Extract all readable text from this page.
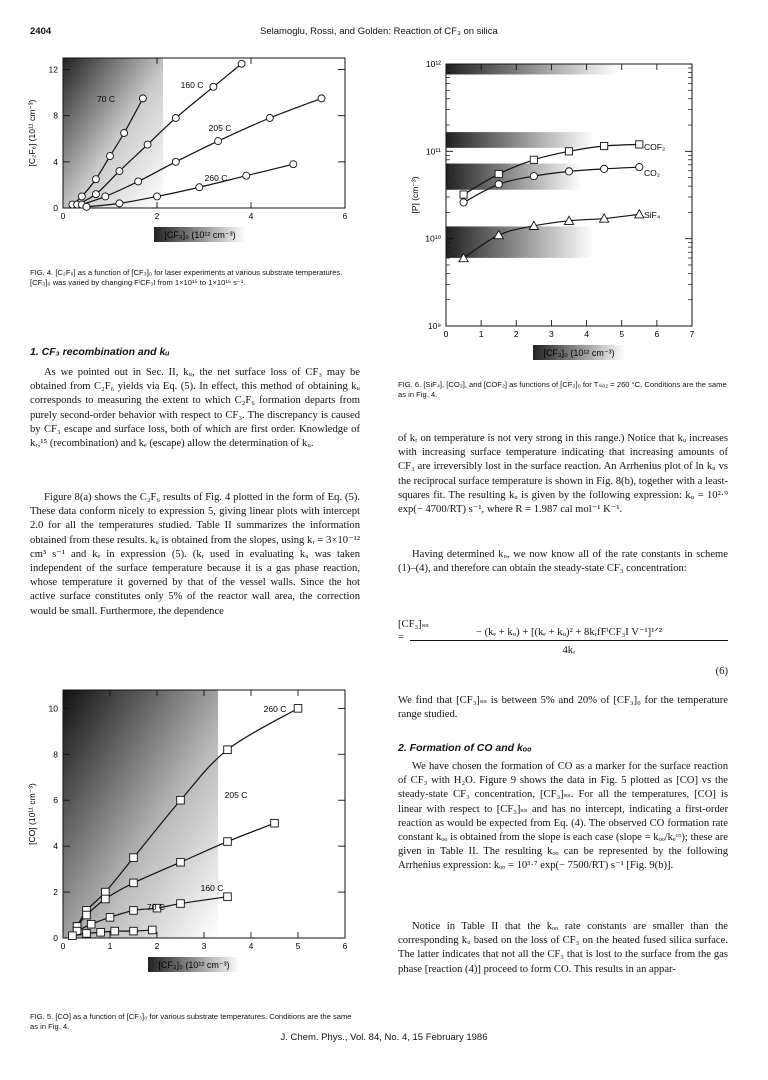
2404	Selamoglu, Rossi, and Golden: Reaction of CF₃ on silica
0	2	4	6
0
4
8
12
70 C
160 C
205 C
260 C
[CF₃]₀ (10¹² cm⁻³)
[C₂F₆] (10¹¹ cm⁻³)
FIG. 4. [C₂F₆] as a function of [CF₃]₀ for laser experiments at various substrate temperatures. [CF₃]₀ was varied by changing FⁱCF₃I from 1×10¹⁵ to 1×10¹⁶ s⁻¹.
1. CF₃ recombination and kᵤ

As we pointed out in Sec. II, kᵤ, the net surface loss of CF₃ may be obtained from C₂F₆ yields via Eq. (5). In effect, this method of obtaining kᵤ corresponds to measuring the extent to which C₂F₆ formation departs from purely second-order behavior with respect to CF₃. The discrepancy is caused by CF₃ escape and surface loss, both of which are first order. Knowledge of kᵣ,¹⁵ (recombination) and kₑ (escape) allow the determination of kᵤ.

Figure 8(a) shows the C₂F₆ results of Fig. 4 plotted in the form of Eq. (5). These data conform nicely to expression 5, giving linear plots with intercept 2.0 for all the temperatures studied. Table II summarizes the information obtained from these results. kᵤ is obtained from the slopes, using kᵣ = 3×10⁻¹² cm³ s⁻¹ and kₑ in expression (5). (kᵣ used in evaluating kᵤ was taken independent of the surface temperature because it is a gas phase reaction, whose temperature it governed by that of the vessel walls. Since the hot active surface constitutes only 5% of the reactor wall area, the correction would be small. Furthermore, the dependence

0	1	2	3	4	5	6
0
2
4
6
8
10	260 C
205 C
160 C
70 C
[CF₃]₀ (10¹² cm⁻³)
[CO] (10¹¹ cm⁻³)
FIG. 5. [CO] as a function of [CF₃]₀ for various substrate temperatures. Conditions are the same as in Fig. 4.
0	1	2	3	4	5	6	7
10⁹
10¹⁰
10¹¹
10¹²
COF₂
CO₂
SiF₄
[CF₃]₀ (10¹² cm⁻³)
[P] (cm⁻³)
FIG. 6. [SiF₄], [CO₂], and [COF₂] as functions of [CF₃]₀ for Tₛᵢₒ₂ = 260 °C. Conditions are the same as in Fig. 4.

of kᵣ on temperature is not very strong in this range.) Notice that kᵤ increases with increasing surface temperature indicating that increasing amounts of CF₃ are irreversibly lost in the surface reaction. An Arrhenius plot of ln kᵤ vs the reciprocal surface temperature is shown in Fig. 8(b), together with a least-squares fit. The resulting kᵤ is given by the following expression: kᵤ = 10²·⁹ exp(− 4700/RT) s⁻¹, where R = 1.987 cal mol⁻¹ K⁻¹.

Having determined kᵤ, we now know all of the rate constants in scheme (1)–(4), and therefore can obtain the steady-state CF₃ concentration:

[CF₃]ₛₛ
=	− (kₑ + kᵤ) + [(kₑ + kᵤ)² + 8kᵣfFⁱCF₃I V⁻¹]¹ᐟ²
4kᵣ
(6)

We find that [CF₃]ₛₛ is between 5% and 20% of [CF₃]₀ for the temperature range studied.

2. Formation of CO and kₒₒ

We have chosen the formation of CO as a marker for the surface reaction of CF₃ with H₂O. Figure 9 shows the data in Fig. 5 plotted as [CO] vs the steady-state CF₃ concentration, [CF₃]ₛₛ. For all the temperatures, [CO] is linear with respect to [CF₃]ₛₛ and has no intercept, indicating a first-order reaction as would be expected from Eq. (4). The observed CO formation rate constant kₒₒ is obtained from the slope is each case (slope = kₒₒ/kₑᶜᵒ); these are given in Table II. The resulting kₒₒ can be represented by the following Arrhenius expression: kₒₒ = 10³·⁷ exp(− 7500/RT) s⁻¹ [Fig. 9(b)].

Notice in Table II that the kₒₒ rate constants are smaller than the corresponding kᵤ based on the loss of CF₃ on the heated fused silica surface. The latter indicates that not all the CF₃ that is lost to the surface from the gas phase [reaction (4)] proceed to form CO. This results in an appar-

J. Chem. Phys., Vol. 84, No. 4, 15 February 1986
